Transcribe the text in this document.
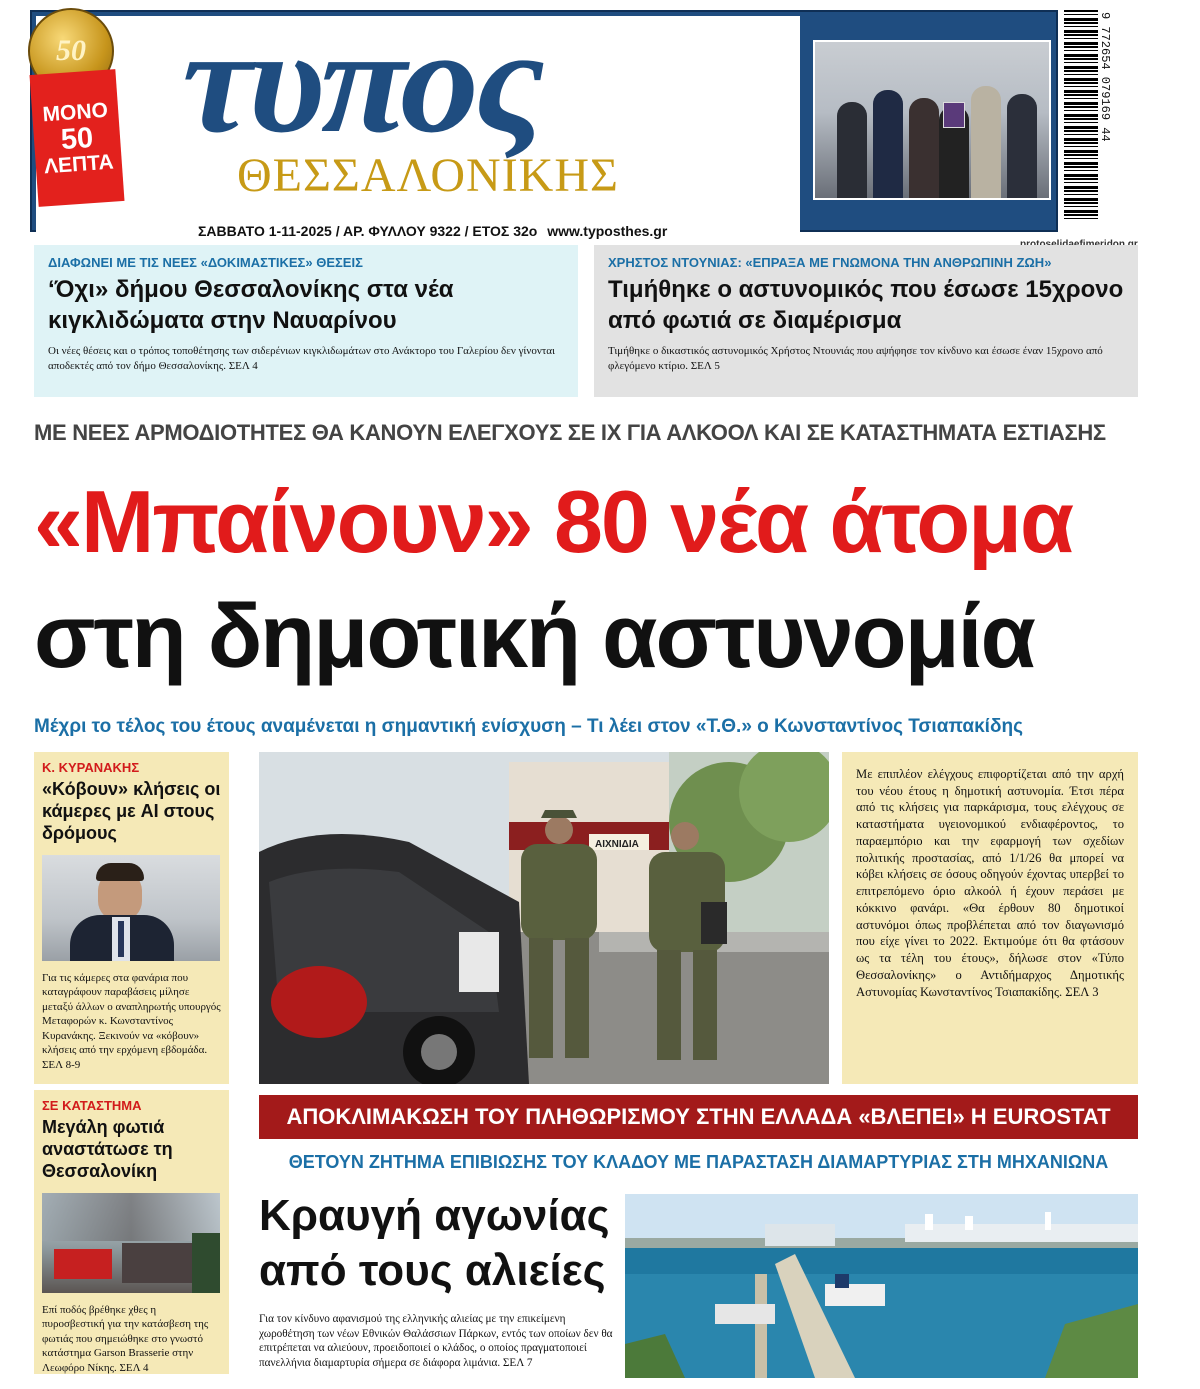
τυπος
ΘΕΣΣΑΛΟΝΙΚΗΣ
ΣΑΒΒΑΤΟ 1-11-2025 / ΑΡ. ΦΥΛΛΟΥ 9322 / ΕΤΟΣ 32ο www.typosthes.gr
50
ΜΟΝΟ
50
ΛΕΠΤΑ
9 772654 079169 44
ΔΙΑΦΩΝΕΙ ΜΕ ΤΙΣ ΝΕΕΣ «ΔΟΚΙΜΑΣΤΙΚΕΣ» ΘΕΣΕΙΣ
‘Όχι» δήμου Θεσσαλονίκης στα νέα κιγκλιδώματα στην Ναυαρίνου
Οι νέες θέσεις και ο τρόπος τοποθέτησης των σιδερένιων κιγκλιδωμάτων στο Ανάκτορο του Γαλερίου δεν γίνονται αποδεκτές από τον δήμο Θεσσαλονίκης. ΣΕΛ 4
ΧΡΗΣΤΟΣ ΝΤΟΥΝΙΑΣ: «ΕΠΡΑΞΑ ΜΕ ΓΝΩΜΟΝΑ ΤΗΝ ΑΝΘΡΩΠΙΝΗ ΖΩΗ»
Τιμήθηκε ο αστυνομικός που έσωσε 15χρονο από φωτιά σε διαμέρισμα
Τιμήθηκε ο δικαστικός αστυνομικός Χρήστος Ντουνιάς που αψήφησε τον κίνδυνο και έσωσε έναν 15χρονο από φλεγόμενο κτίριο. ΣΕΛ 5
ΜΕ ΝΕΕΣ ΑΡΜΟΔΙΟΤΗΤΕΣ ΘΑ ΚΑΝΟΥΝ ΕΛΕΓΧΟΥΣ ΣΕ ΙΧ ΓΙΑ ΑΛΚΟΟΛ ΚΑΙ ΣΕ ΚΑΤΑΣΤΗΜΑΤΑ ΕΣΤΙΑΣΗΣ
«Μπαίνουν» 80 νέα άτομα
στη δημοτική αστυνομία
Μέχρι το τέλος του έτους αναμένεται η σημαντική ενίσχυση – Τι λέει στον «Τ.Θ.» ο Κωνσταντίνος Τσιαπακίδης
Κ. ΚΥΡΑΝΑΚΗΣ
«Κόβουν» κλήσεις οι κάμερες με AI στους δρόμους
Για τις κάμερες στα φανάρια που καταγράφουν παραβάσεις μίλησε μεταξύ άλλων ο αναπληρωτής υπουργός Μεταφορών κ. Κωνσταντίνος Κυρανάκης. Ξεκινούν να «κόβουν» κλήσεις από την ερχόμενη εβδομάδα. ΣΕΛ 8-9
ΣΕ ΚΑΤΑΣΤΗΜΑ
Μεγάλη φωτιά αναστάτωσε τη Θεσσαλονίκη
Επί ποδός βρέθηκε χθες η πυροσβεστική για την κατάσβεση της φωτιάς που σημειώθηκε στο γνωστό κατάστημα Garson Brasserie στην Λεωφόρο Νίκης. ΣΕΛ 4
ΑΙΧΝΙΔΙΑ
Με επιπλέον ελέγχους επιφορτίζεται από την αρχή του νέου έτους η δημοτική αστυνομία. Έτσι πέρα από τις κλήσεις για παρκάρισμα, τους ελέγχους σε καταστήματα υγειονομικού ενδιαφέροντος, το παραεμπόριο και την εφαρμογή των σχεδίων πολιτικής προστασίας, από 1/1/26 θα μπορεί να κόβει κλήσεις σε όσους οδηγούν έχοντας υπερβεί το επιτρεπόμενο όριο αλκοόλ ή έχουν περάσει με κόκκινο φανάρι. «Θα έρθουν 80 δημοτικοί αστυνόμοι όπως προβλέπεται από τον διαγωνισμό που είχε γίνει το 2022. Εκτιμούμε ότι θα φτάσουν ως τα τέλη του έτους», δήλωσε στον «Τύπο Θεσσαλονίκης» ο Αντιδήμαρχος Δημοτικής Αστυνομίας Κωνσταντίνος Τσιαπακίδης. ΣΕΛ 3
ΑΠΟΚΛΙΜΑΚΩΣΗ ΤΟΥ ΠΛΗΘΩΡΙΣΜΟΥ ΣΤΗΝ ΕΛΛΑΔΑ «ΒΛΕΠΕΙ» Η EUROSTAT
ΘΕΤΟΥΝ ΖΗΤΗΜΑ ΕΠΙΒΙΩΣΗΣ ΤΟΥ ΚΛΑΔΟΥ ΜΕ ΠΑΡΑΣΤΑΣΗ ΔΙΑΜΑΡΤΥΡΙΑΣ ΣΤΗ ΜΗΧΑΝΙΩΝΑ
Κραυγή αγωνίας από τους αλιείες
Για τον κίνδυνο αφανισμού της ελληνικής αλιείας με την επικείμενη χωροθέτηση των νέων Εθνικών Θαλάσσιων Πάρκων, εντός των οποίων δεν θα επιτρέπεται να αλιεύουν, προειδοποιεί ο κλάδος, ο οποίος πραγματοποιεί πανελλήνια διαμαρτυρία σήμερα σε διάφορα λιμάνια. ΣΕΛ 7
